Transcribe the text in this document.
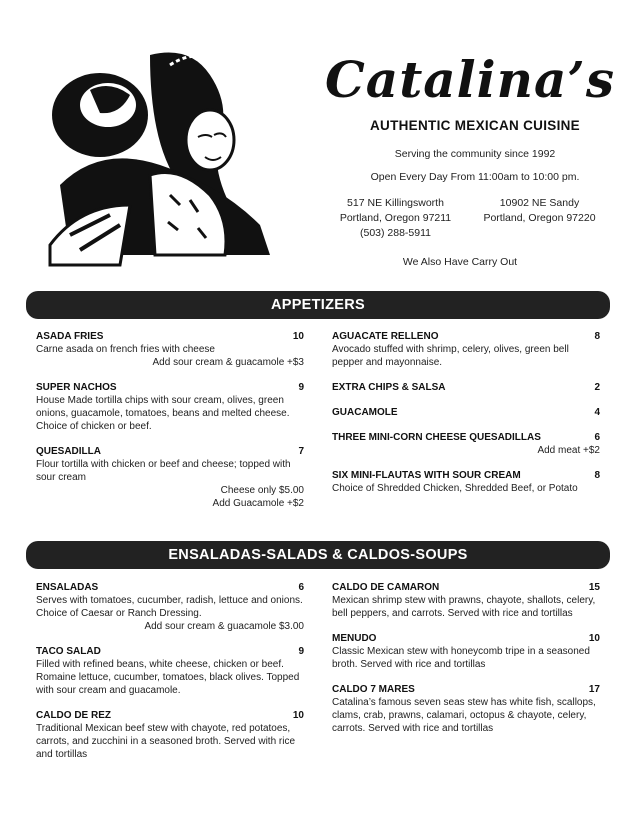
Catalina’s
AUTHENTIC MEXICAN CUISINE
Serving the community since 1992
Open Every Day From 11:00am to 10:00 pm.
517 NE Killingsworth
Portland, Oregon 97211
(503) 288-5911
10902 NE Sandy
Portland, Oregon 97220
We Also Have Carry Out
APPETIZERS
ASADA FRIES	10
Carne asada on french fries with cheese
Add sour cream & guacamole +$3
SUPER NACHOS	9
House Made tortilla chips with sour cream, olives, green onions, guacamole, tomatoes, beans and melted cheese. Choice of chicken or beef.
QUESADILLA	7
Flour tortilla with chicken or beef and cheese; topped with sour cream
Cheese only $5.00
Add Guacamole +$2
AGUACATE RELLENO	8
Avocado stuffed with shrimp, celery, olives, green bell pepper and mayonnaise.
EXTRA CHIPS & SALSA	2
GUACAMOLE	4
THREE MINI-CORN CHEESE QUESADILLAS	6
Add meat +$2
SIX MINI-FLAUTAS WITH SOUR CREAM	8
Choice of Shredded Chicken, Shredded Beef, or Potato
ENSALADAS-SALADS & CALDOS-SOUPS
ENSALADAS	6
Serves with tomatoes, cucumber, radish, lettuce and onions. Choice of Caesar or Ranch Dressing.
Add sour cream & guacamole $3.00
TACO SALAD	9
Filled with refined beans, white cheese, chicken or beef. Romaine lettuce, cucumber, tomatoes, black olives. Topped with sour cream and guacamole.
CALDO DE REZ	10
Traditional Mexican beef stew with chayote, red potatoes, carrots, and zucchini in a seasoned broth. Served with rice and tortillas
CALDO DE CAMARON	15
Mexican shrimp stew with prawns, chayote, shallots, celery, bell peppers, and carrots. Served with rice and tortillas
MENUDO	10
Classic Mexican stew with honeycomb tripe in a seasoned broth. Served with rice and tortillas
CALDO 7 MARES	17
Catalina’s famous seven seas stew has white fish, scallops, clams, crab, prawns, calamari, octopus & chayote, celery, carrots. Served with rice and tortillas
